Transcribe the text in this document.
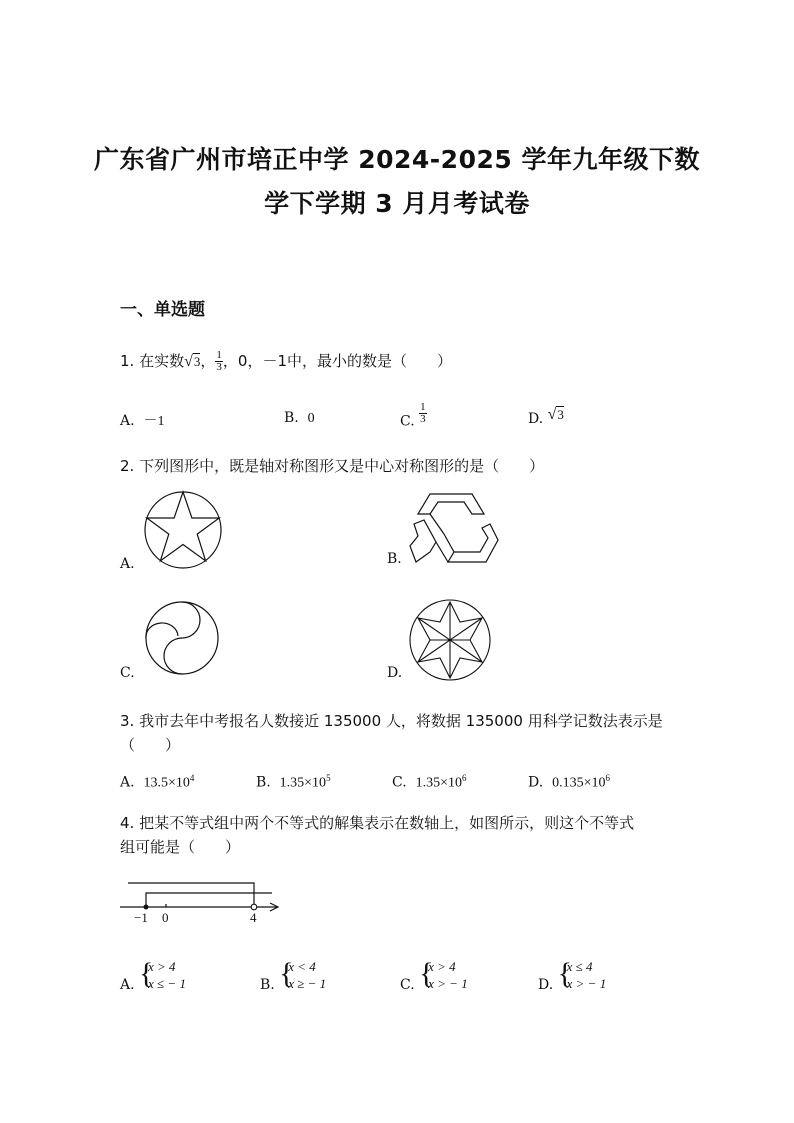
广东省广州市培正中学 2024-2025 学年九年级下数
学下学期 3 月月考试卷
一、单选题
1. 在实数√3， $\frac{1}{3}$ ，0，－1中，最小的数是（　　）
A. －1	B. 0	C. $\frac{1}{3}$	D. √3
2. 下列图形中，既是轴对称图形又是中心对称图形的是（　　）
A.	B.
C.	D.
3. 我市去年中考报名人数接近 135000 人，将数据 135000 用科学记数法表示是
（　　）
A. $13.5\times 10^4$	B. $1.35\times 10^5$	C. $1.35\times 10^6$	D. $0.135\times 10^6$
4. 把某不等式组中两个不等式的解集表示在数轴上，如图所示，则这个不等式
组可能是（　　）
−1 0	4
A. {
x > 4
x ≤ − 1	B. {
x < 4
x ≥ − 1	C. {
x > 4
x > − 1	D. {
x ≤ 4
x > − 1
